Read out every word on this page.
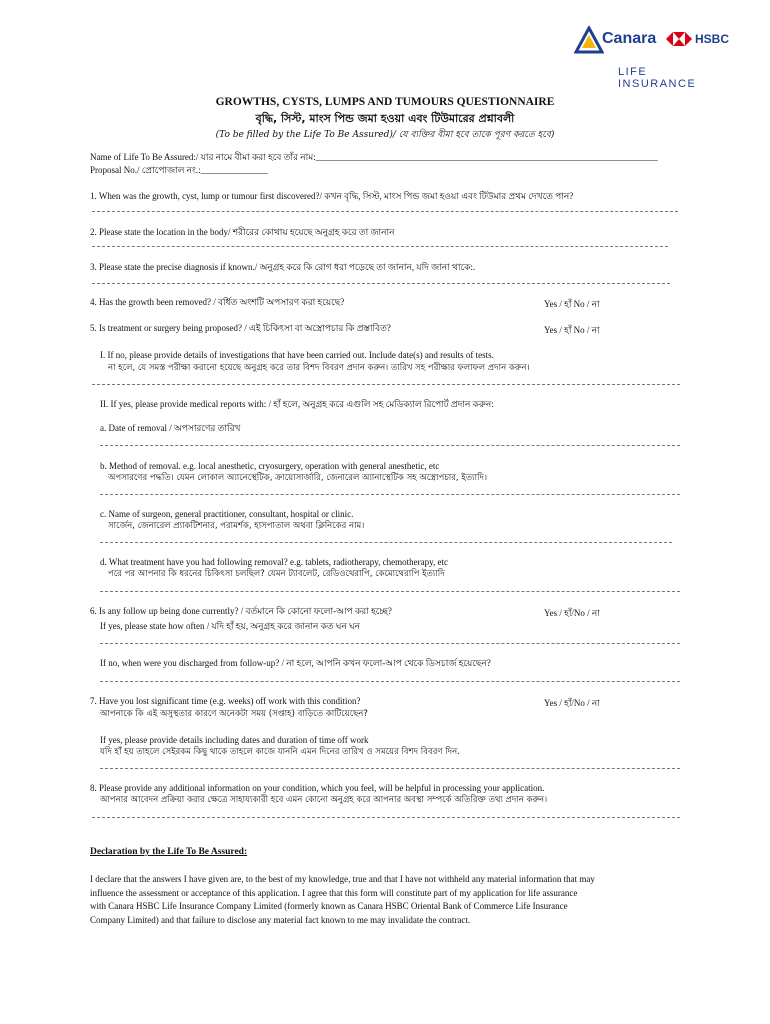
Canara	HSBC
LIFE INSURANCE
GROWTHS, CYSTS, LUMPS AND TUMOURS QUESTIONNAIRE
বৃদ্ধি, সিস্ট, মাংস পিন্ড জমা হওয়া এবং টিউমারের প্রশ্নাবলী
(To be filled by the Life To Be Assured)/ যে ব্যক্তির বীমা হবে তাকে পূরণ করতে হবে)
Name of Life To Be Assured:/ যার নামে বীমা করা হবে তাঁর নাম:____________________________________________________________________________
Proposal No./ প্রোপোজাল নং.:_______________
1. When was the growth, cyst, lump or tumour first discovered?/ কখন বৃদ্ধি, সিস্ট, মাংস পিন্ড জমা হওয়া এবং টিউমার প্রথম দেখতে পান?
2. Please state the location in the body/ শরীরের কোথায় হয়েছে অনুগ্রহ করে তা জানান
3. Please state the precise diagnosis if known./ অনুগ্রহ করে কি রোগ ধরা পড়েছে তা জানান, যদি জানা থাকে:.
4. Has the growth been removed? / বর্ধিত অংশটি অপসারণ করা হয়েছে?	Yes / হাঁ No / না
5. Is treatment or surgery being proposed? / এই চিকিৎসা বা অস্ত্রোপচার কি প্রস্তাবিত?	Yes / হাঁ No / না
I. If no, please provide details of investigations that have been carried out. Include date(s) and results of tests.
না হলে, যে সমস্ত পরীক্ষা করানো হয়েছে অনুগ্রহ করে তার বিশদ বিবরণ প্রদান করুন। তারিখ সহ পরীক্ষার ফলাফল প্রদান করুন।
II. If yes, please provide medical reports with: / হাঁ হলে, অনুগ্রহ করে এগুলি সহ মেডিক্যাল রিপোর্ট প্রদান করুন:
a. Date of removal / অপসারণের তারিখ
b. Method of removal. e.g. local anesthetic, cryosurgery, operation with general anesthetic, etc
অপসারণের পদ্ধতি। যেমন লোকাল অ্যানেস্থেটিক, ক্রায়োসার্জারি, জেনারেল অ্যানাস্থেটিক সহ অস্ত্রোপচার, ইত্যাদি।
c. Name of surgeon, general practitioner, consultant, hospital or clinic.
সার্জেন, জেনারেল প্র্যাকটিশনার, পরামর্শক, হাসপাতাল অথবা ক্লিনিকের নাম।
d. What treatment have you had following removal? e.g. tablets, radiotherapy, chemotherapy, etc
পরে পর আপনার কি ধরনের চিকিৎসা চলছিল? যেমন ট্যাবলেট, রেডিওথেরাপি, কেমোথেরাপি ইত্যাদি
6. Is any follow up being done currently? / বর্তমানে কি কোনো ফলো-আপ করা হচ্ছে?	Yes / হাঁ/No / না
If yes, please state how often / যদি হাঁ হয়, অনুগ্রহ করে জানান কত ঘন ঘন
If no, when were you discharged from follow-up? / না হলে, আপনি কখন ফলো-আপ থেকে ডিসচার্জ হয়েছেন?
7. Have you lost significant time (e.g. weeks) off work with this condition?	Yes / হাঁ/No / না
আপনাকে কি এই অসুস্থতার কারণে অনেকটা সময় (সপ্তাহ) বাড়িতে কাটিয়েছেন?
If yes, please provide details including dates and duration of time off work
যদি হাঁ হয় তাহলে সেইরকম কিছু থাকে তাহলে কাজে যাননি এমন দিনের তারিখ ও সময়ের বিশদ বিবরণ দিন.
8. Please provide any additional information on your condition, which you feel, will be helpful in processing your application.
আপনার আবেদন প্রক্রিয়া করার ক্ষেত্রে সাহায্যকারী হবে এমন কোনো অনুগ্রহ করে আপনার অবস্থা সম্পর্কে অতিরিক্ত তথ্য প্রদান করুন।
Declaration by the Life To Be Assured:
I declare that the answers I have given are, to the best of my knowledge, true and that I have not withheld any material information that may
influence the assessment or acceptance of this application. I agree that this form will constitute part of my application for life assurance
with Canara HSBC Life Insurance Company Limited (formerly known as Canara HSBC Oriental Bank of Commerce Life Insurance
Company Limited) and that failure to disclose any material fact known to me may invalidate the contract.
